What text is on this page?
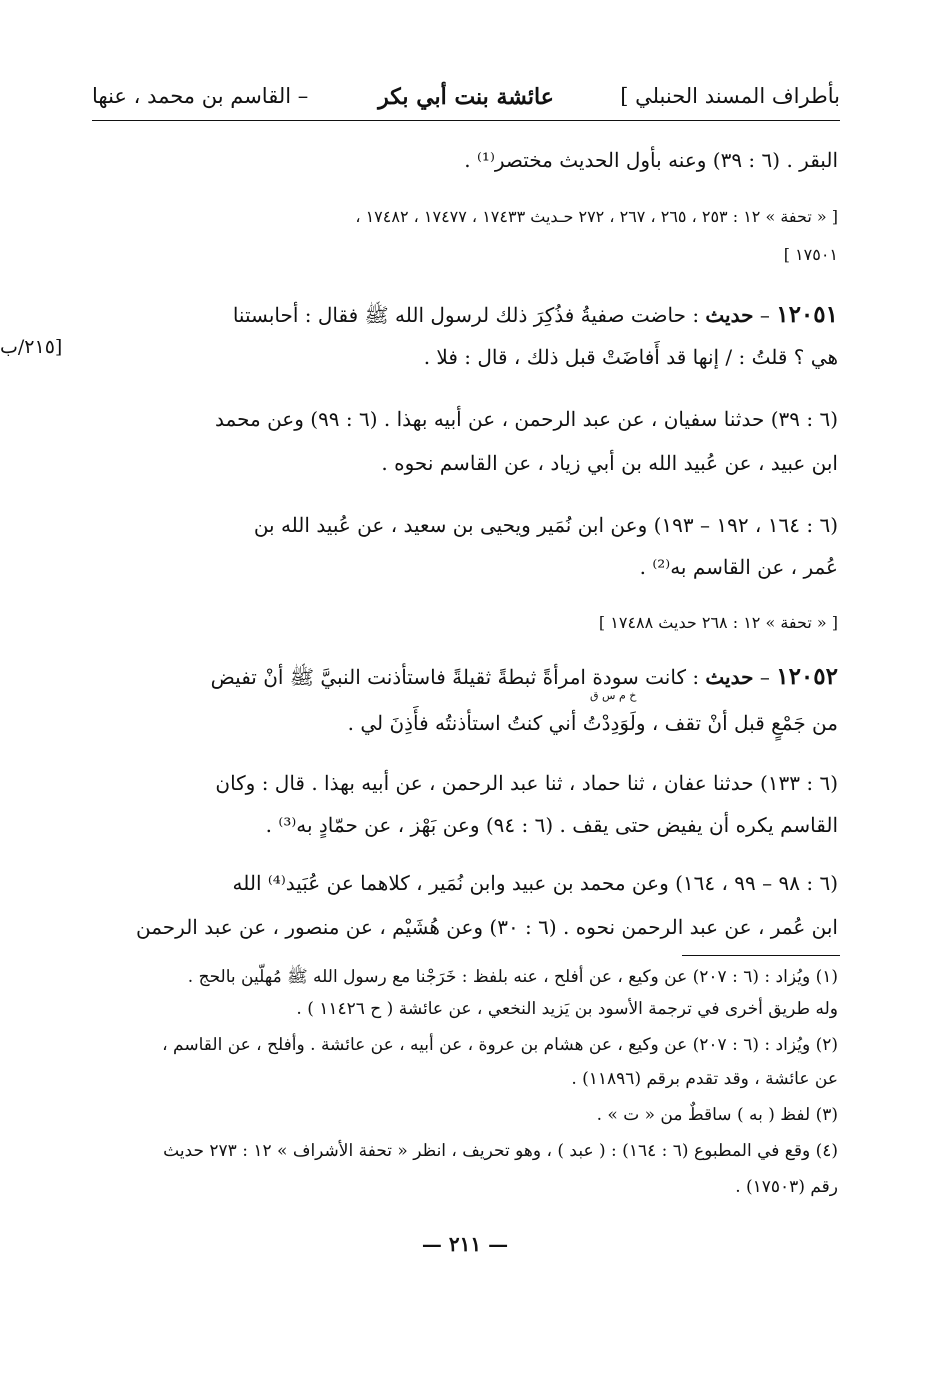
بأطراف المسند الحنبلي ]
عائشة بنت أبي بكر
– القاسم بن محمد ، عنها
[٢١٥/ب
البقر . (٦ : ٣٩) وعنه بأول الحديث مختصر⁽¹⁾ .
[ « تحفة » ١٢ : ٢٥٣ ، ٢٦٥ ، ٢٦٧ ، ٢٧٢ حـديث ١٧٤٣٣ ، ١٧٤٧٧ ، ١٧٤٨٢ ،
١٧٥٠١ ]
١٢٠٥١ – حديث : حاضت صفيةُ فذُكِرَ ذلك لرسول الله ﷺ فقال : أحابستنا
هي ؟ قلتُ : / إنها قد أَفاضَتْ قبل ذلك ، قال : فلا .
(٦ : ٣٩) حدثنا سفيان ، عن عبد الرحمن ، عن أبيه بهذا . (٦ : ٩٩) وعن محمد
ابن عبيد ، عن عُبيد الله بن أبي زياد ، عن القاسم نحوه .
(٦ : ١٦٤ ، ١٩٢ – ١٩٣) وعن ابن نُمَير ويحيى بن سعيد ، عن عُبيد الله بن
عُمر ، عن القاسم به⁽²⁾ .
[ « تحفة » ١٢ : ٢٦٨ حديث ١٧٤٨٨ ]
١٢٠٥٢ – حديث : كانت سودة امرأةً ثبطةً ثقيلةً فاستأذنت النبيَّ ﷺ أنْ تفيض
خ م س ق
من جَمْعٍ قبل أنْ تقف ، ولَوَدِدْتُ أني كنتُ استأذنتُه فأَذِنَ لي .
(٦ : ١٣٣) حدثنا عفان ، ثنا حماد ، ثنا عبد الرحمن ، عن أبيه بهذا . قال : وكان
القاسم يكره أن يفيض حتى يقف . (٦ : ٩٤) وعن بَهْز ، عن حمّادٍ به⁽³⁾ .
(٦ : ٩٨ – ٩٩ ، ١٦٤) وعن محمد بن عبيد وابن نُمَير ، كلاهما عن عُبَيد⁽⁴⁾ الله
ابن عُمر ، عن عبد الرحمن نحوه . (٦ : ٣٠) وعن هُشَيْم ، عن منصور ، عن عبد الرحمن
(١) ويُزاد : (٦ : ٢٠٧) عن وكيع ، عن أفلح ، عنه بلفظ : خَرَجْنا مع رسول الله ﷺ مُهلّين بالحج .
وله طريق أخرى في ترجمة الأسود بن يَزيد النخعي ، عن عائشة ( ح ١١٤٢٦ ) .
(٢) ويُزاد : (٦ : ٢٠٧) عن وكيع ، عن هشام بن عروة ، عن أبيه ، عن عائشة . وأفلح ، عن القاسم ،
عن عائشة ، وقد تقدم برقم (١١٨٩٦) .
(٣) لفظ ( به ) ساقطٌ من « ت » .
(٤) وقع في المطبوع (٦ : ١٦٤) : ( عبد ) ، وهو تحريف ، انظر « تحفة الأشراف » ١٢ : ٢٧٣ حديث
رقم (١٧٥٠٣) .
— ٢١١ —
